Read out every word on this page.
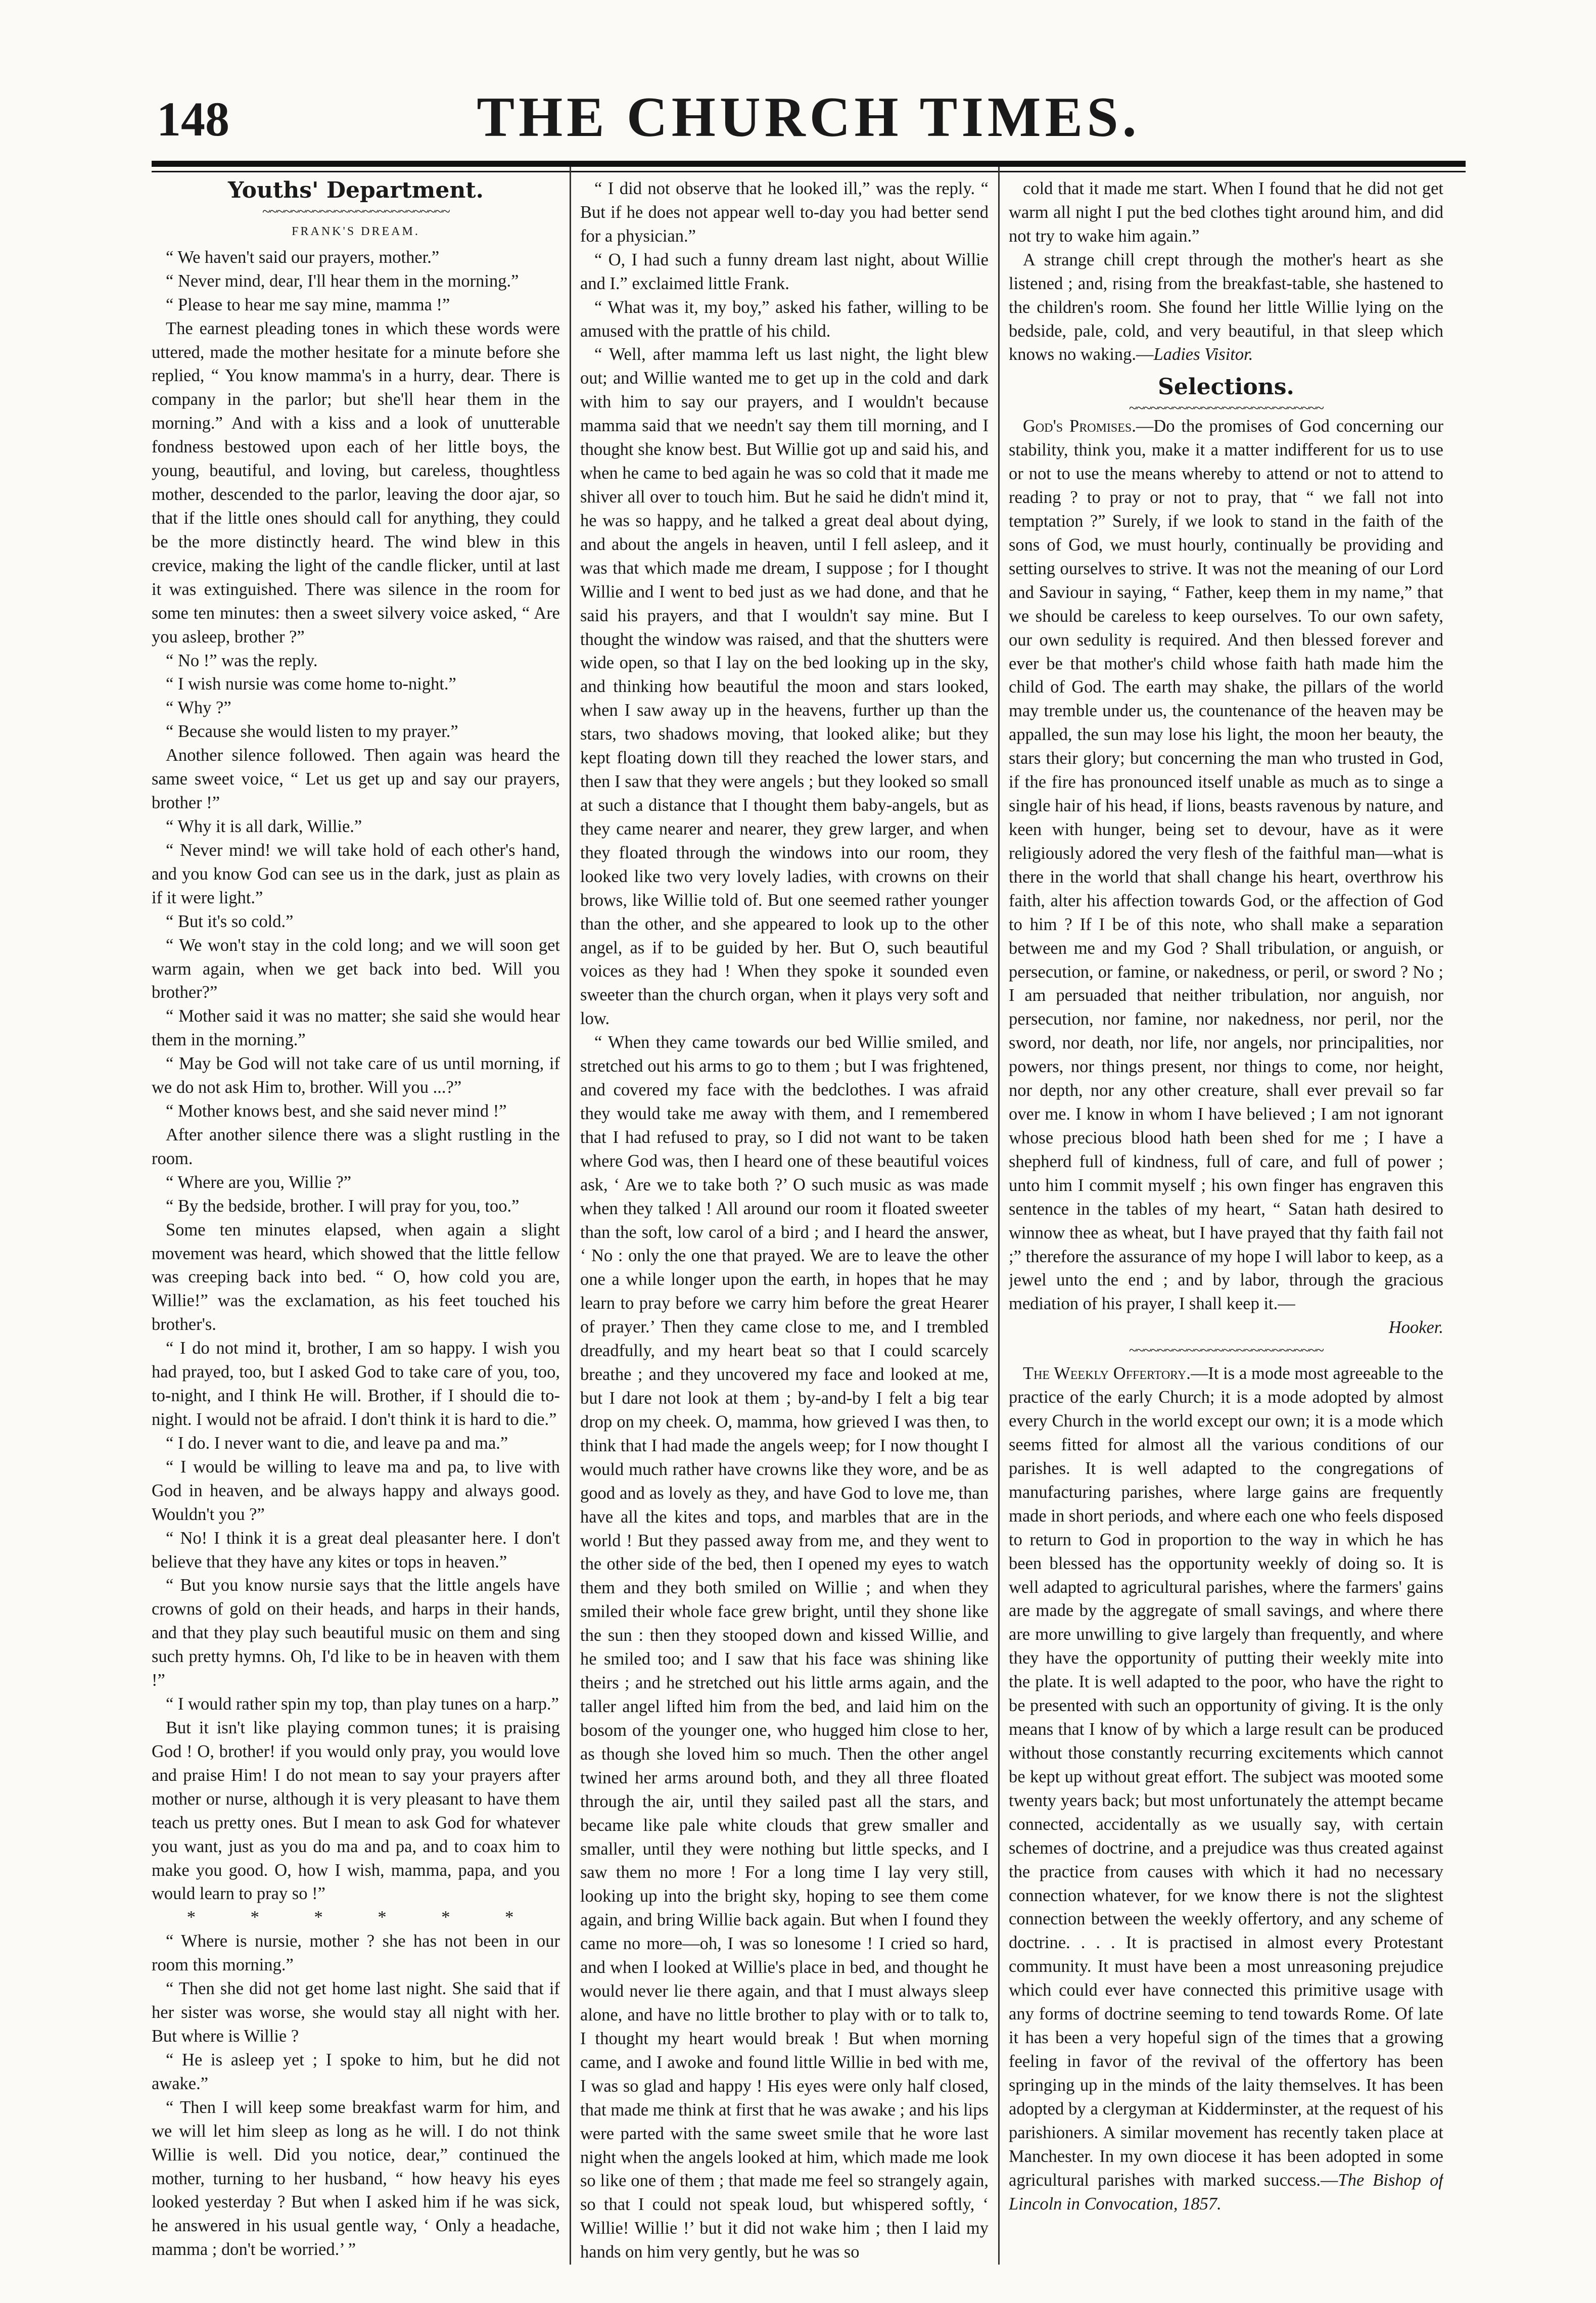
148	THE CHURCH TIMES.
Youths' Department.
~~~~~~~~~~~~~~~~~~~~~~~~~~
FRANK'S DREAM.

“ We haven't said our prayers, mother.”

“ Never mind, dear, I'll hear them in the morning.”

“ Please to hear me say mine, mamma !”

The earnest pleading tones in which these words were uttered, made the mother hesitate for a minute before she replied, “ You know mamma's in a hurry, dear. There is company in the parlor; but she'll hear them in the morning.” And with a kiss and a look of unutterable fondness bestowed upon each of her little boys, the young, beautiful, and loving, but careless, thoughtless mother, descended to the parlor, leaving the door ajar, so that if the little ones should call for anything, they could be the more distinctly heard. The wind blew in this crevice, making the light of the candle flicker, until at last it was extinguished. There was silence in the room for some ten minutes: then a sweet silvery voice asked, “ Are you asleep, brother ?”

“ No !” was the reply.

“ I wish nursie was come home to-night.”

“ Why ?”

“ Because she would listen to my prayer.”

Another silence followed. Then again was heard the same sweet voice, “ Let us get up and say our prayers, brother !”

“ Why it is all dark, Willie.”

“ Never mind! we will take hold of each other's hand, and you know God can see us in the dark, just as plain as if it were light.”

“ But it's so cold.”

“ We won't stay in the cold long; and we will soon get warm again, when we get back into bed. Will you brother?”

“ Mother said it was no matter; she said she would hear them in the morning.”

“ May be God will not take care of us until morning, if we do not ask Him to, brother. Will you ...?”

“ Mother knows best, and she said never mind !”

After another silence there was a slight rustling in the room.

“ Where are you, Willie ?”

“ By the bedside, brother. I will pray for you, too.”

Some ten minutes elapsed, when again a slight movement was heard, which showed that the little fellow was creeping back into bed. “ O, how cold you are, Willie!” was the exclamation, as his feet touched his brother's.

“ I do not mind it, brother, I am so happy. I wish you had prayed, too, but I asked God to take care of you, too, to-night, and I think He will. Brother, if I should die to-night. I would not be afraid. I don't think it is hard to die.”

“ I do. I never want to die, and leave pa and ma.”

“ I would be willing to leave ma and pa, to live with God in heaven, and be always happy and always good. Wouldn't you ?”

“ No! I think it is a great deal pleasanter here. I don't believe that they have any kites or tops in heaven.”

“ But you know nursie says that the little angels have crowns of gold on their heads, and harps in their hands, and that they play such beautiful music on them and sing such pretty hymns. Oh, I'd like to be in heaven with them !”

“ I would rather spin my top, than play tunes on a harp.”

But it isn't like playing common tunes; it is praising God ! O, brother! if you would only pray, you would love and praise Him! I do not mean to say your prayers after mother or nurse, although it is very pleasant to have them teach us pretty ones. But I mean to ask God for whatever you want, just as you do ma and pa, and to coax him to make you good. O, how I wish, mamma, papa, and you would learn to pray so !”

* * * * * *

“ Where is nursie, mother ? she has not been in our room this morning.”

“ Then she did not get home last night. She said that if her sister was worse, she would stay all night with her. But where is Willie ?

“ He is asleep yet ; I spoke to him, but he did not awake.”

“ Then I will keep some breakfast warm for him, and we will let him sleep as long as he will. I do not think Willie is well. Did you notice, dear,” continued the mother, turning to her husband, “ how heavy his eyes looked yesterday ? But when I asked him if he was sick, he answered in his usual gentle way, ‘ Only a headache, mamma ; don't be worried.’ ”

“ I did not observe that he looked ill,” was the reply. “ But if he does not appear well to-day you had better send for a physician.”

“ O, I had such a funny dream last night, about Willie and I.” exclaimed little Frank.

“ What was it, my boy,” asked his father, willing to be amused with the prattle of his child.

“ Well, after mamma left us last night, the light blew out; and Willie wanted me to get up in the cold and dark with him to say our prayers, and I wouldn't because mamma said that we needn't say them till morning, and I thought she know best. But Willie got up and said his, and when he came to bed again he was so cold that it made me shiver all over to touch him. But he said he didn't mind it, he was so happy, and he talked a great deal about dying, and about the angels in heaven, until I fell asleep, and it was that which made me dream, I suppose ; for I thought Willie and I went to bed just as we had done, and that he said his prayers, and that I wouldn't say mine. But I thought the window was raised, and that the shutters were wide open, so that I lay on the bed looking up in the sky, and thinking how beautiful the moon and stars looked, when I saw away up in the heavens, further up than the stars, two shadows moving, that looked alike; but they kept floating down till they reached the lower stars, and then I saw that they were angels ; but they looked so small at such a distance that I thought them baby-angels, but as they came nearer and nearer, they grew larger, and when they floated through the windows into our room, they looked like two very lovely ladies, with crowns on their brows, like Willie told of. But one seemed rather younger than the other, and she appeared to look up to the other angel, as if to be guided by her. But O, such beautiful voices as they had ! When they spoke it sounded even sweeter than the church organ, when it plays very soft and low.

“ When they came towards our bed Willie smiled, and stretched out his arms to go to them ; but I was frightened, and covered my face with the bedclothes. I was afraid they would take me away with them, and I remembered that I had refused to pray, so I did not want to be taken where God was, then I heard one of these beautiful voices ask, ‘ Are we to take both ?’ O such music as was made when they talked ! All around our room it floated sweeter than the soft, low carol of a bird ; and I heard the answer, ‘ No : only the one that prayed. We are to leave the other one a while longer upon the earth, in hopes that he may learn to pray before we carry him before the great Hearer of prayer.’ Then they came close to me, and I trembled dreadfully, and my heart beat so that I could scarcely breathe ; and they uncovered my face and looked at me, but I dare not look at them ; by-and-by I felt a big tear drop on my cheek. O, mamma, how grieved I was then, to think that I had made the angels weep; for I now thought I would much rather have crowns like they wore, and be as good and as lovely as they, and have God to love me, than have all the kites and tops, and marbles that are in the world ! But they passed away from me, and they went to the other side of the bed, then I opened my eyes to watch them and they both smiled on Willie ; and when they smiled their whole face grew bright, until they shone like the sun : then they stooped down and kissed Willie, and he smiled too; and I saw that his face was shining like theirs ; and he stretched out his little arms again, and the taller angel lifted him from the bed, and laid him on the bosom of the younger one, who hugged him close to her, as though she loved him so much. Then the other angel twined her arms around both, and they all three floated through the air, until they sailed past all the stars, and became like pale white clouds that grew smaller and smaller, until they were nothing but little specks, and I saw them no more ! For a long time I lay very still, looking up into the bright sky, hoping to see them come again, and bring Willie back again. But when I found they came no more—oh, I was so lonesome ! I cried so hard, and when I looked at Willie's place in bed, and thought he would never lie there again, and that I must always sleep alone, and have no little brother to play with or to talk to, I thought my heart would break ! But when morning came, and I awoke and found little Willie in bed with me, I was so glad and happy ! His eyes were only half closed, that made me think at first that he was awake ; and his lips were parted with the same sweet smile that he wore last night when the angels looked at him, which made me look so like one of them ; that made me feel so strangely again, so that I could not speak loud, but whispered softly, ‘ Willie! Willie !’ but it did not wake him ; then I laid my hands on him very gently, but he was so

cold that it made me start. When I found that he did not get warm all night I put the bed clothes tight around him, and did not try to wake him again.”

A strange chill crept through the mother's heart as she listened ; and, rising from the breakfast-table, she hastened to the children's room. She found her little Willie lying on the bedside, pale, cold, and very beautiful, in that sleep which knows no waking.—Ladies Visitor.

Selections.
~~~~~~~~~~~~~~~~~~~~~~~~~~~

God's Promises.—Do the promises of God concerning our stability, think you, make it a matter indifferent for us to use or not to use the means whereby to attend or not to attend to reading ? to pray or not to pray, that “ we fall not into temptation ?” Surely, if we look to stand in the faith of the sons of God, we must hourly, continually be providing and setting ourselves to strive. It was not the meaning of our Lord and Saviour in saying, “ Father, keep them in my name,” that we should be careless to keep ourselves. To our own safety, our own sedulity is required. And then blessed forever and ever be that mother's child whose faith hath made him the child of God. The earth may shake, the pillars of the world may tremble under us, the countenance of the heaven may be appalled, the sun may lose his light, the moon her beauty, the stars their glory; but concerning the man who trusted in God, if the fire has pronounced itself unable as much as to singe a single hair of his head, if lions, beasts ravenous by nature, and keen with hunger, being set to devour, have as it were religiously adored the very flesh of the faithful man—what is there in the world that shall change his heart, overthrow his faith, alter his affection towards God, or the affection of God to him ? If I be of this note, who shall make a separation between me and my God ? Shall tribulation, or anguish, or persecution, or famine, or nakedness, or peril, or sword ? No ; I am persuaded that neither tribulation, nor anguish, nor persecution, nor famine, nor nakedness, nor peril, nor the sword, nor death, nor life, nor angels, nor principalities, nor powers, nor things present, nor things to come, nor height, nor depth, nor any other creature, shall ever prevail so far over me. I know in whom I have believed ; I am not ignorant whose precious blood hath been shed for me ; I have a shepherd full of kindness, full of care, and full of power ; unto him I commit myself ; his own finger has engraven this sentence in the tables of my heart, “ Satan hath desired to winnow thee as wheat, but I have prayed that thy faith fail not ;” therefore the assurance of my hope I will labor to keep, as a jewel unto the end ; and by labor, through the gracious mediation of his prayer, I shall keep it.—

Hooker.
~~~~~~~~~~~~~~~~~~~~~~~~~~~

The Weekly Offertory.—It is a mode most agreeable to the practice of the early Church; it is a mode adopted by almost every Church in the world except our own; it is a mode which seems fitted for almost all the various conditions of our parishes. It is well adapted to the congregations of manufacturing parishes, where large gains are frequently made in short periods, and where each one who feels disposed to return to God in proportion to the way in which he has been blessed has the opportunity weekly of doing so. It is well adapted to agricultural parishes, where the farmers' gains are made by the aggregate of small savings, and where there are more unwilling to give largely than frequently, and where they have the opportunity of putting their weekly mite into the plate. It is well adapted to the poor, who have the right to be presented with such an opportunity of giving. It is the only means that I know of by which a large result can be produced without those constantly recurring excitements which cannot be kept up without great effort. The subject was mooted some twenty years back; but most unfortunately the attempt became connected, accidentally as we usually say, with certain schemes of doctrine, and a prejudice was thus created against the practice from causes with which it had no necessary connection whatever, for we know there is not the slightest connection between the weekly offertory, and any scheme of doctrine. . . . It is practised in almost every Protestant community. It must have been a most unreasoning prejudice which could ever have connected this primitive usage with any forms of doctrine seeming to tend towards Rome. Of late it has been a very hopeful sign of the times that a growing feeling in favor of the revival of the offertory has been springing up in the minds of the laity themselves. It has been adopted by a clergyman at Kidderminster, at the request of his parishioners. A similar movement has recently taken place at Manchester. In my own diocese it has been adopted in some agricultural parishes with marked success.—The Bishop of Lincoln in Convocation, 1857.
